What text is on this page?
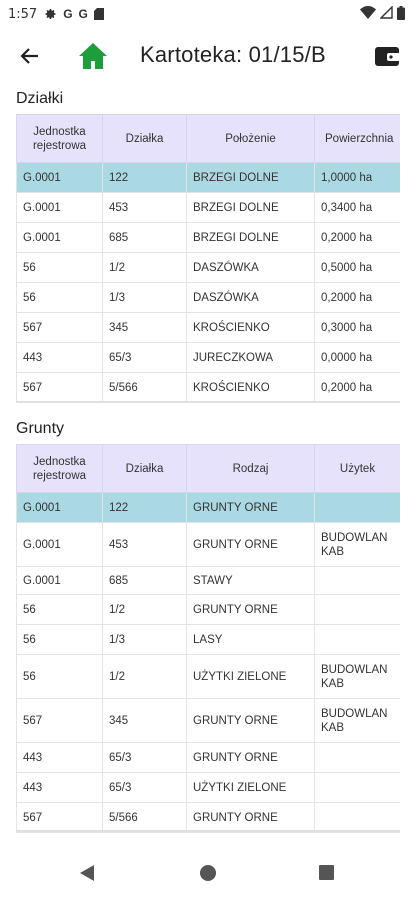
1:57 G G
Kartoteka: 01/15/B
Działki
Jednostka rejestrowa	Działka	Położenie	Powierzchnia
G.0001	122	BRZEGI DOLNE	1,0000 ha
G.0001	453	BRZEGI DOLNE	0,3400 ha
G.0001	685	BRZEGI DOLNE	0,2000 ha
56	1/2	DASZÓWKA	0,5000 ha
56	1/3	DASZÓWKA	0,2000 ha
567	345	KROŚCIENKO	0,3000 ha
443	65/3	JURECZKOWA	0,0000 ha
567	5/566	KROŚCIENKO	0,2000 ha
Grunty
Jednostka rejestrowa	Działka	Rodzaj	Użytek
G.0001	122	GRUNTY ORNE	
G.0001	453	GRUNTY ORNE	BUDOWLAN KAB
G.0001	685	STAWY	
56	1/2	GRUNTY ORNE	
56	1/3	LASY	
56	1/2	UŻYTKI ZIELONE	BUDOWLAN KAB
567	345	GRUNTY ORNE	BUDOWLAN KAB
443	65/3	GRUNTY ORNE	
443	65/3	UŻYTKI ZIELONE	
567	5/566	GRUNTY ORNE	
